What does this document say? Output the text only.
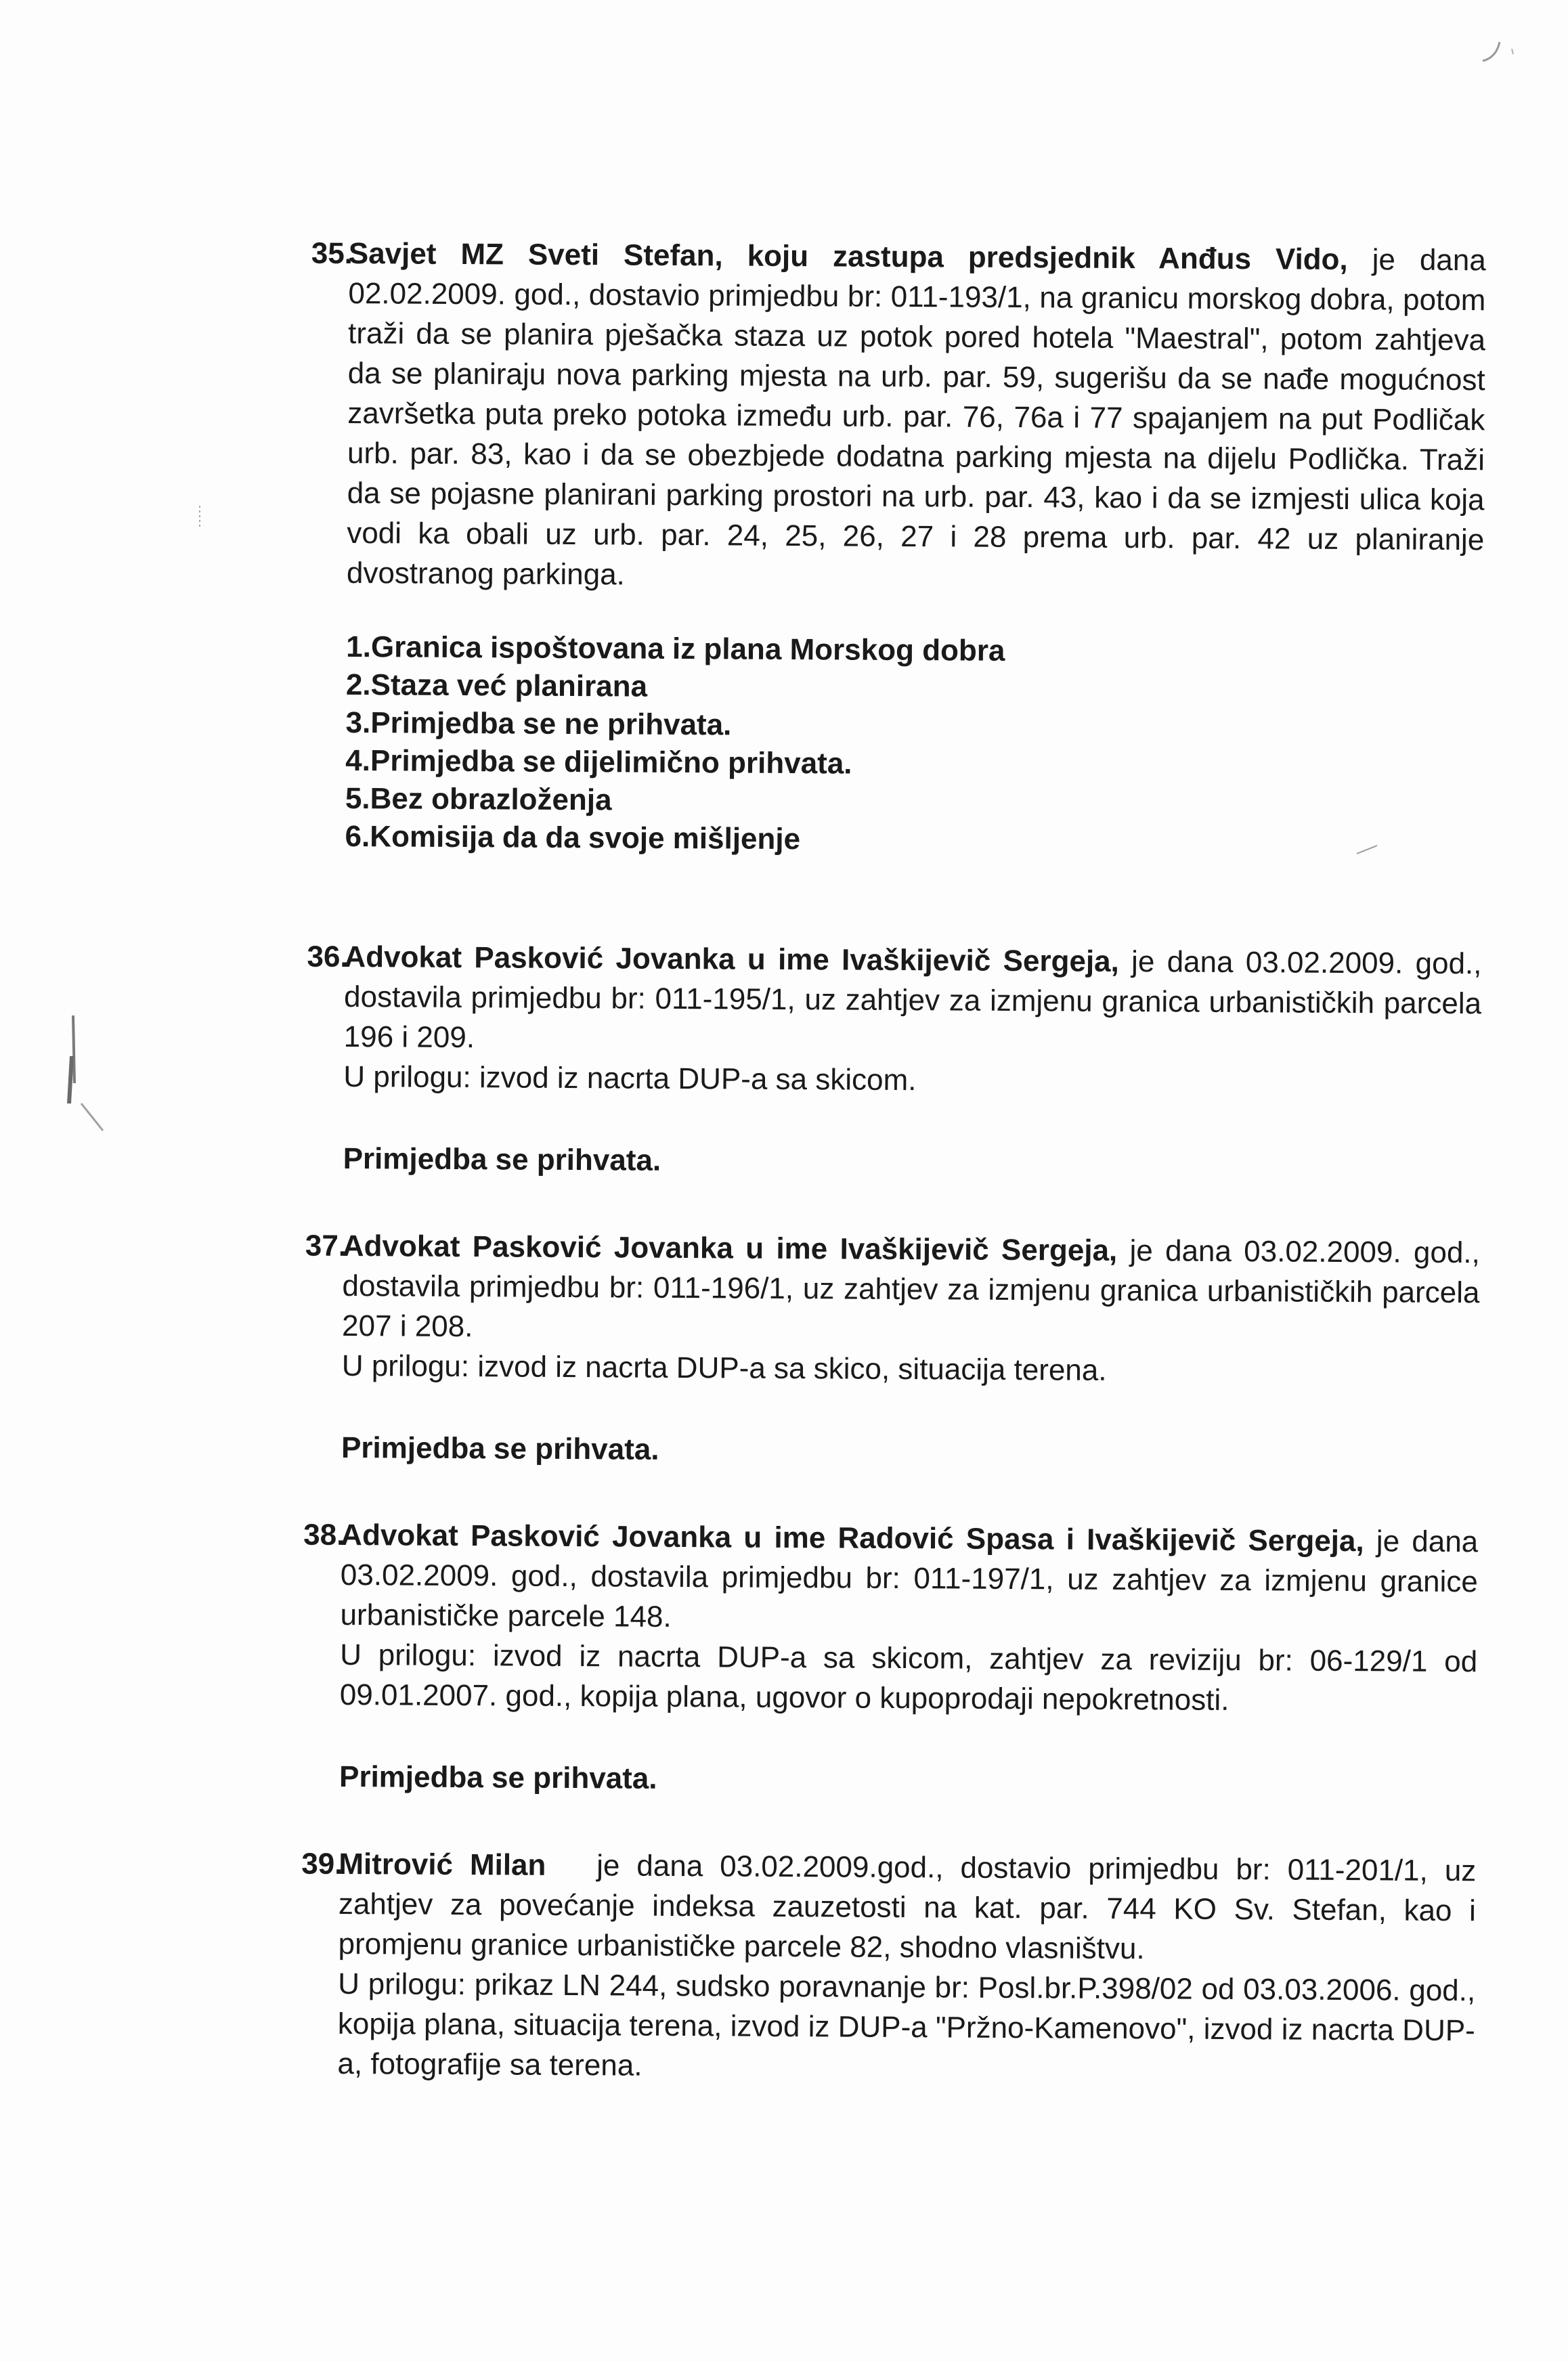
35.

Savjet MZ Sveti Stefan, koju zastupa predsjednik Anđus Vido, je dana 02.02.2009. god., dostavio primjedbu br: 011-193/1, na granicu morskog dobra, potom traži da se planira pješačka staza uz potok pored hotela "Maestral", potom zahtjeva da se planiraju nova parking mjesta na urb. par. 59, sugerišu da se nađe mogućnost završetka puta preko potoka između urb. par. 76, 76a i 77 spajanjem na put Podličak urb. par. 83, kao i da se obezbjede dodatna parking mjesta na dijelu Podlička. Traži da se pojasne planirani parking prostori na urb. par. 43, kao i da se izmjesti ulica koja vodi ka obali uz urb. par. 24, 25, 26, 27 i 28 prema urb. par. 42 uz planiranje dvostranog parkinga.

1.Granica ispoštovana iz plana Morskog dobra
2.Staza već planirana
3.Primjedba se ne prihvata.
4.Primjedba se dijelimično prihvata.
5.Bez obrazloženja
6.Komisija da da svoje mišljenje
36.

Advokat Pasković Jovanka u ime Ivaškijevič Sergeja, je dana 03.02.2009. god., dostavila primjedbu br: 011-195/1, uz zahtjev za izmjenu granica urbanističkih parcela 196 i 209.

U prilogu: izvod iz nacrta DUP-a sa skicom.

Primjedba se prihvata.
37.

Advokat Pasković Jovanka u ime Ivaškijevič Sergeja, je dana 03.02.2009. god., dostavila primjedbu br: 011-196/1, uz zahtjev za izmjenu granica urbanističkih parcela 207 i 208.

U prilogu: izvod iz nacrta DUP-a sa skico, situacija terena.

Primjedba se prihvata.
38.

Advokat Pasković Jovanka u ime Radović Spasa i Ivaškijevič Sergeja, je dana 03.02.2009. god., dostavila primjedbu br: 011-197/1, uz zahtjev za izmjenu granice urbanističke parcele 148.

U prilogu: izvod iz nacrta DUP-a sa skicom, zahtjev za reviziju br: 06-129/1 od 09.01.2007. god., kopija plana, ugovor o kupoprodaji nepokretnosti.

Primjedba se prihvata.
39.

Mitrović Milan   je dana 03.02.2009.god., dostavio primjedbu br: 011-201/1, uz zahtjev za povećanje indeksa zauzetosti na kat. par. 744 KO Sv. Stefan, kao i promjenu granice urbanističke parcele 82, shodno vlasništvu.

U prilogu: prikaz LN 244, sudsko poravnanje br: Posl.br.P.398/02 od 03.03.2006. god., kopija plana, situacija terena, izvod iz DUP-a "Pržno-Kamenovo", izvod iz nacrta DUP-a, fotografije sa terena.
